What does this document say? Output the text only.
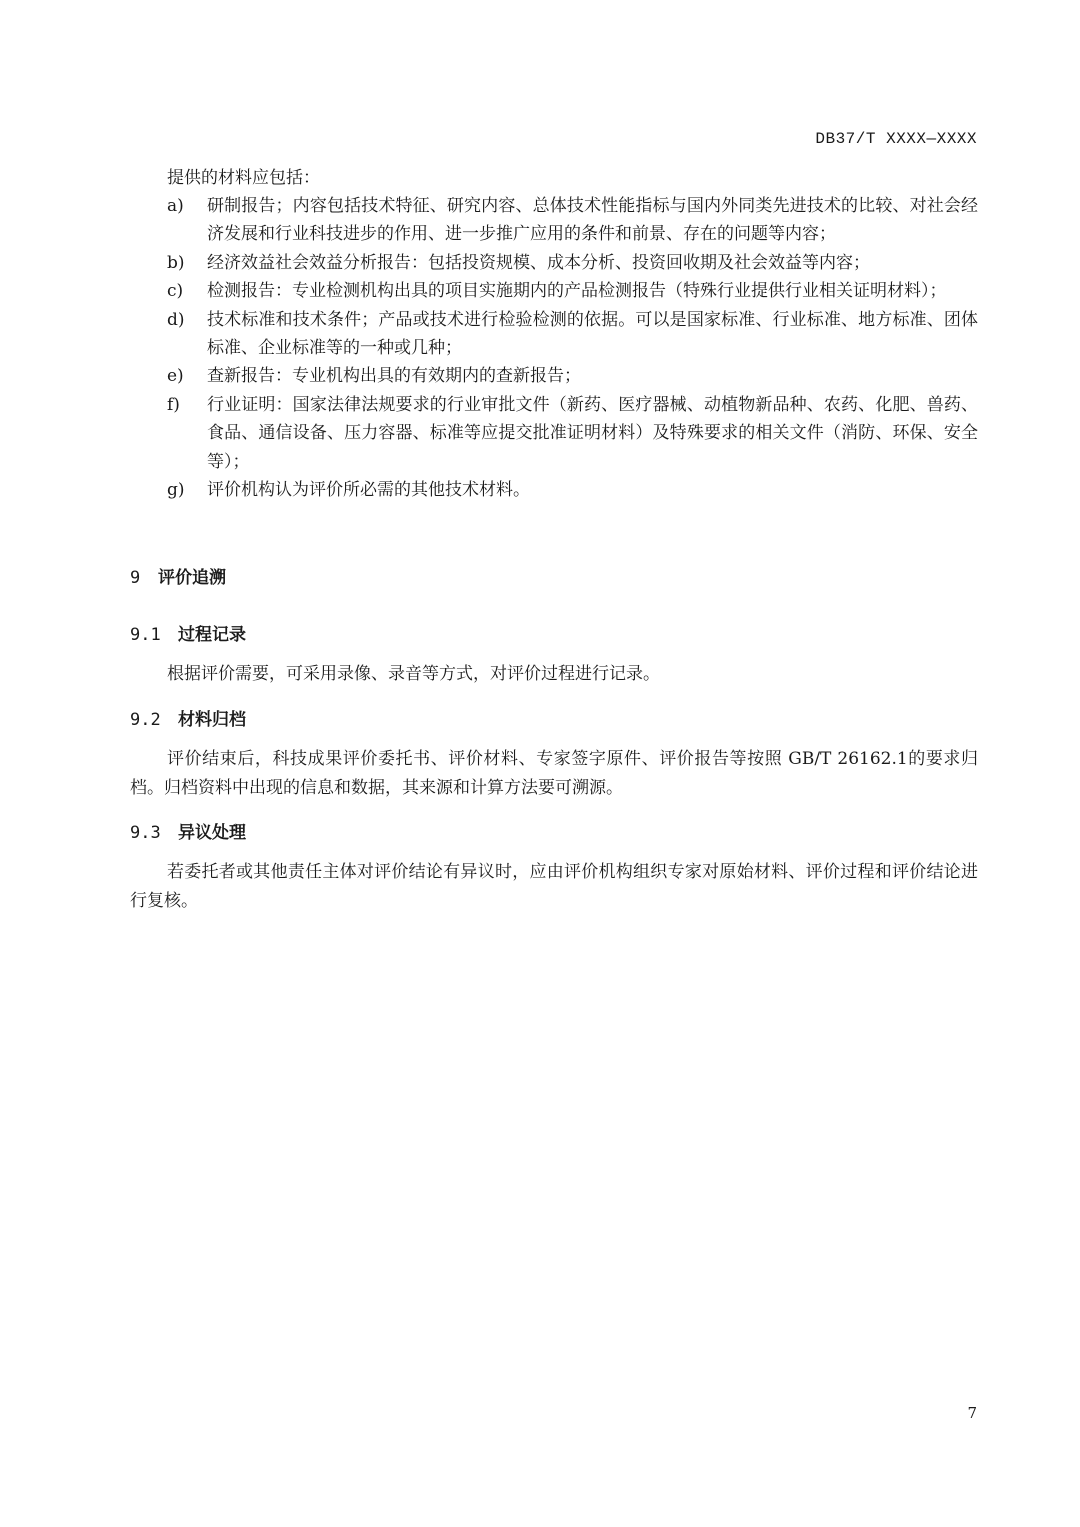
DB37/T XXXX—XXXX
提供的材料应包括：
a) 研制报告；内容包括技术特征、研究内容、总体技术性能指标与国内外同类先进技术的比较、对社会经济发展和行业科技进步的作用、进一步推广应用的条件和前景、存在的问题等内容；
b) 经济效益社会效益分析报告：包括投资规模、成本分析、投资回收期及社会效益等内容；
c) 检测报告：专业检测机构出具的项目实施期内的产品检测报告（特殊行业提供行业相关证明材料）；
d) 技术标准和技术条件；产品或技术进行检验检测的依据。可以是国家标准、行业标准、地方标准、团体标准、企业标准等的一种或几种；
e) 查新报告：专业机构出具的有效期内的查新报告；
f) 行业证明：国家法律法规要求的行业审批文件（新药、医疗器械、动植物新品种、农药、化肥、兽药、食品、通信设备、压力容器、标准等应提交批准证明材料）及特殊要求的相关文件（消防、环保、安全等）；
g) 评价机构认为评价所必需的其他技术材料。
9 评价追溯
9.1 过程记录
根据评价需要，可采用录像、录音等方式，对评价过程进行记录。
9.2 材料归档
评价结束后，科技成果评价委托书、评价材料、专家签字原件、评价报告等按照 GB/T 26162.1的要求归档。归档资料中出现的信息和数据，其来源和计算方法要可溯源。
9.3 异议处理
若委托者或其他责任主体对评价结论有异议时，应由评价机构组织专家对原始材料、评价过程和评价结论进行复核。
7
